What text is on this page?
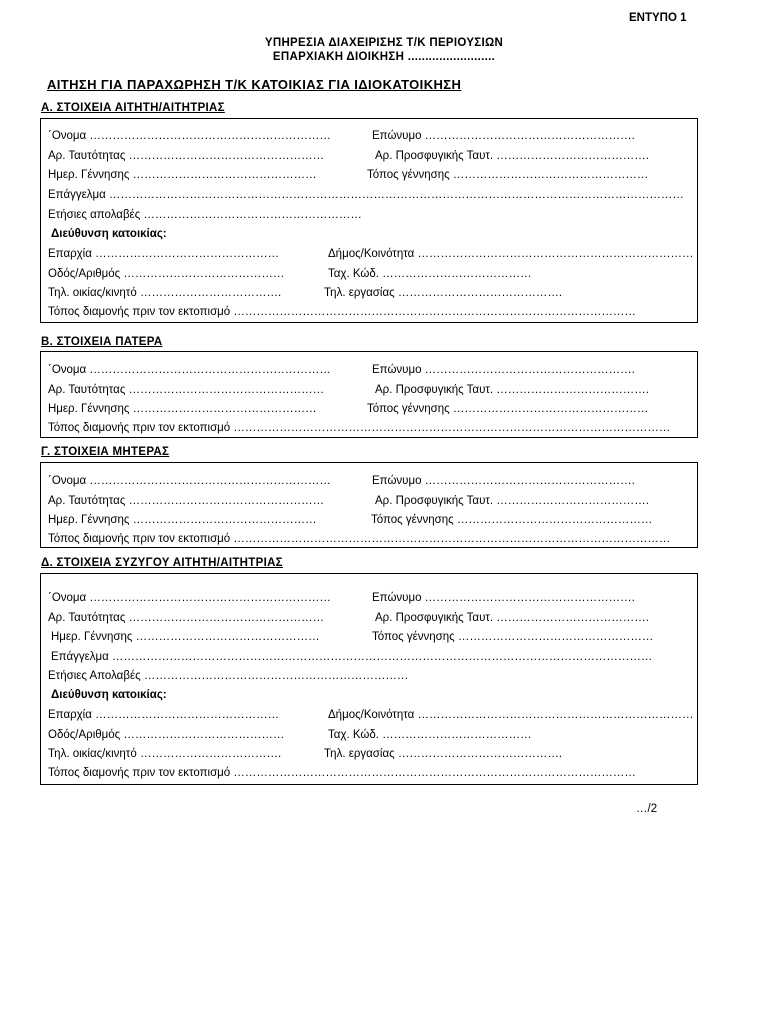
ΕΝΤΥΠΟ 1
ΥΠΗΡΕΣΙΑ ΔΙΑΧΕΙΡΙΣΗΣ Τ/Κ ΠΕΡΙΟΥΣΙΩΝ
ΕΠΑΡΧΙΑΚΗ ΔΙΟΙΚΗΣΗ .........................
ΑΙΤΗΣΗ ΓΙΑ ΠΑΡΑΧΩΡΗΣΗ Τ/Κ ΚΑΤΟΙΚΙΑΣ ΓΙΑ ΙΔΙΟΚΑΤΟΙΚΗΣΗ
Α. ΣΤΟΙΧΕΙΑ ΑΙΤΗΤΗ/ΑΙΤΗΤΡΙΑΣ
΄Ονομα ………………………………………………………	Επώνυμο ……………………………………………….
Αρ. Ταυτότητας ……………………………………………	Αρ. Προσφυγικής Ταυτ. ………………………………….
Ημερ. Γέννησης …………………………………………	Τόπος γέννησης ……………………………………………
Επάγγελμα ……………………………………………………………………………………………………………………………………
Ετήσιες απολαβές …………………………………………………
Διεύθυνση κατοικίας:
Επαρχία …………………………………………	Δήμος/Κοινότητα ………………………………………………………………
Οδός/Αριθμός ……………………………………	Ταχ. Κώδ. …………………………………
Τηλ. οικίας/κινητό ……………………………….	Τηλ. εργασίας …………………………………….
Τόπος διαμονής πριν τον εκτοπισμό ……………………………………………………………………………………………
Β. ΣΤΟΙΧΕΙΑ ΠΑΤΕΡΑ
΄Ονομα ………………………………………………………	Επώνυμο ……………………………………………….
Αρ. Ταυτότητας ……………………………………………	Αρ. Προσφυγικής Ταυτ. ………………………………….
Ημερ. Γέννησης …………………………………………	Τόπος γέννησης ……………………………………………
Τόπος διαμονής πριν τον εκτοπισμό ……………………………………………………………………………………………………
Γ. ΣΤΟΙΧΕΙΑ ΜΗΤΕΡΑΣ
΄Ονομα ………………………………………………………	Επώνυμο ……………………………………………….
Αρ. Ταυτότητας ……………………………………………	Αρ. Προσφυγικής Ταυτ. ………………………………….
Ημερ. Γέννησης …………………………………………	Τόπος γέννησης ……………………………………………
Τόπος διαμονής πριν τον εκτοπισμό ……………………………………………………………………………………………………
Δ. ΣΤΟΙΧΕΙΑ ΣΥΖΥΓΟΥ ΑΙΤΗΤΗ/ΑΙΤΗΤΡΙΑΣ
΄Ονομα ………………………………………………………	Επώνυμο ……………………………………………….
Αρ. Ταυτότητας ……………………………………………	Αρ. Προσφυγικής Ταυτ. ………………………………….
Ημερ. Γέννησης …………………………………………	Τόπος γέννησης ……………………………………………
Επάγγελμα ……………………………………………………………………………………………………………………………
Ετήσιες Απολαβές ……………………………………………………………
Διεύθυνση κατοικίας:
Επαρχία …………………………………………	Δήμος/Κοινότητα ………………………………………………………………
Οδός/Αριθμός ……………………………………	Ταχ. Κώδ. …………………………………
Τηλ. οικίας/κινητό ……………………………….	Τηλ. εργασίας …………………………………….
Τόπος διαμονής πριν τον εκτοπισμό ……………………………………………………………………………………………
…/2
